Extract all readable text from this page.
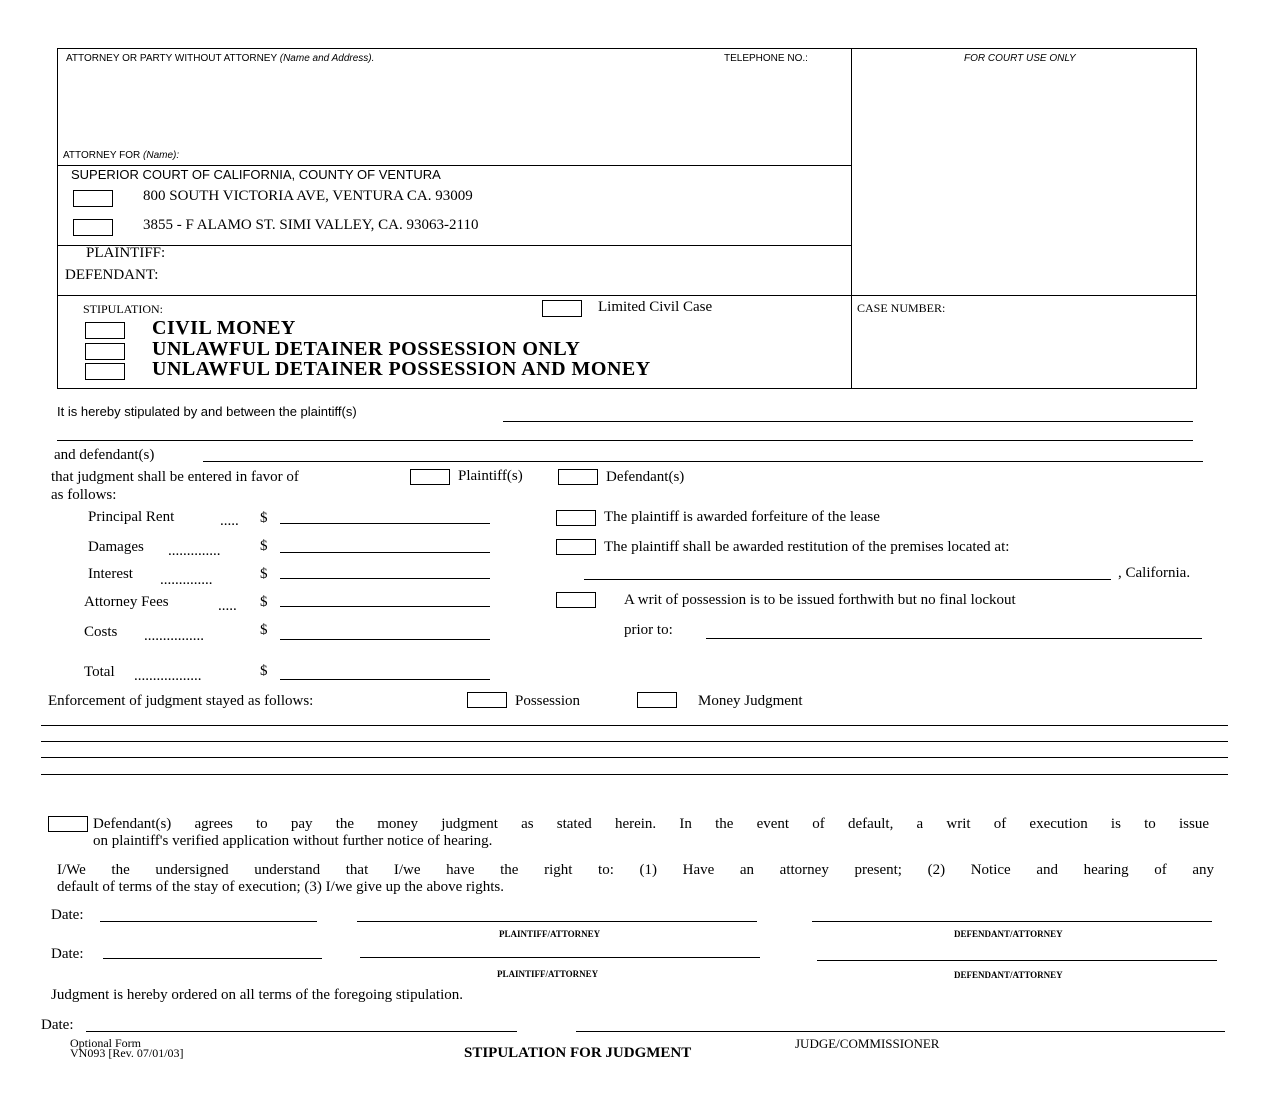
ATTORNEY OR PARTY WITHOUT ATTORNEY (Name and Address).	TELEPHONE NO.:	FOR COURT USE ONLY
ATTORNEY FOR (Name):
SUPERIOR COURT OF CALIFORNIA, COUNTY OF VENTURA
800 SOUTH VICTORIA AVE, VENTURA CA. 93009
3855 - F ALAMO ST. SIMI VALLEY, CA. 93063-2110
PLAINTIFF:
DEFENDANT:
STIPULATION:	Limited Civil Case	CASE NUMBER:
CIVIL MONEY
UNLAWFUL DETAINER POSSESSION ONLY
UNLAWFUL DETAINER POSSESSION AND MONEY
It is hereby stipulated by and between the plaintiff(s)
and defendant(s)
that judgment shall be entered in favor of	Plaintiff(s)	Defendant(s)
as follows:
Principal Rent	..... $
Damages ..............	$
Interest ..............	$
Attorney Fees	..... $
Costs ................	$
Total ..................	$
The plaintiff is awarded forfeiture of the lease
The plaintiff shall be awarded restitution of the premises located at:
, California.
A writ of possession is to be issued forthwith but no final lockout
prior to:
Enforcement of judgment stayed as follows:	Possession	Money Judgment
Defendant(s) agrees to pay the money judgment as stated herein. In the event of default, a writ of execution is to issue
on plaintiff's verified application without further notice of hearing.
I/We the undersigned understand that I/we have the right to: (1) Have an attorney present; (2) Notice and hearing of any
default of terms of the stay of execution; (3) I/we give up the above rights.
Date:
PLAINTIFF/ATTORNEY	DEFENDANT/ATTORNEY
Date:
PLAINTIFF/ATTORNEY	DEFENDANT/ATTORNEY
Judgment is hereby ordered on all terms of the foregoing stipulation.
Date:
JUDGE/COMMISSIONER
Optional Form
VN093 [Rev. 07/01/03]	STIPULATION FOR JUDGMENT
